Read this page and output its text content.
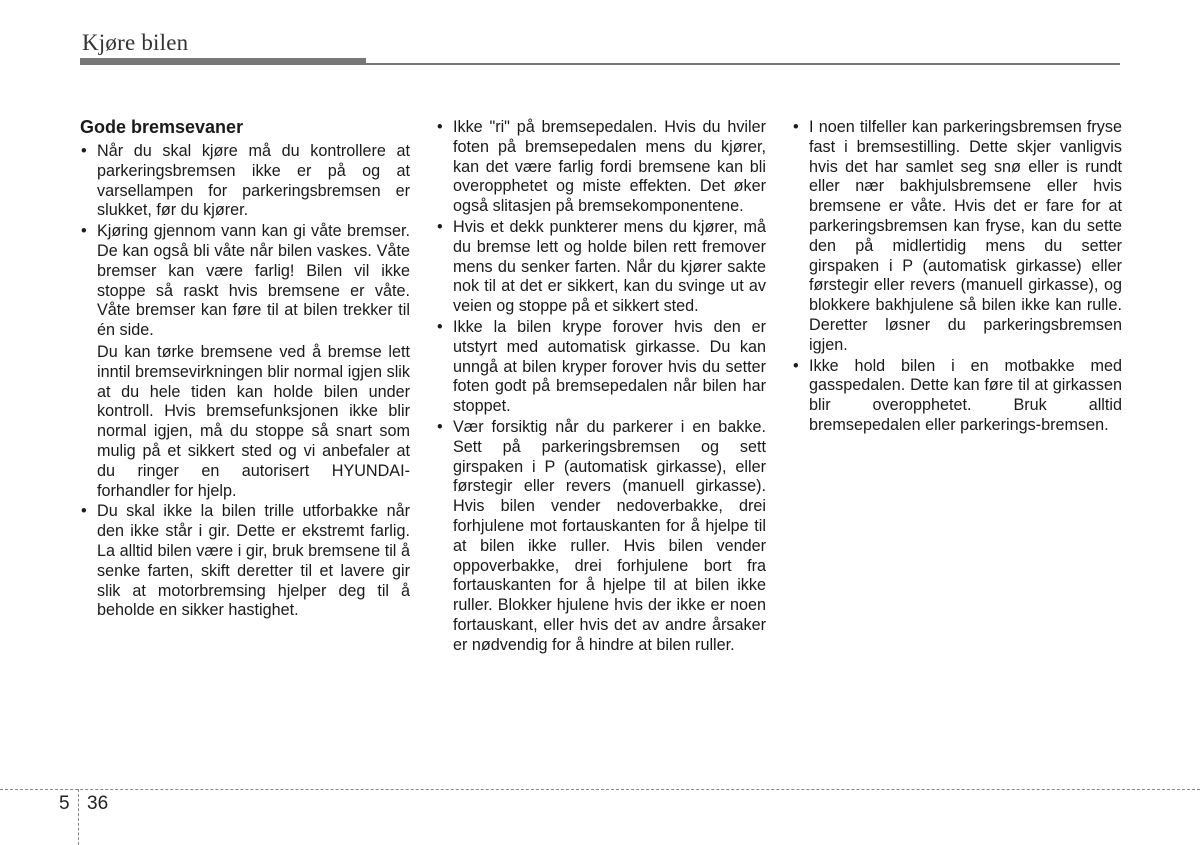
Kjøre bilen
Gode bremsevaner
• Når du skal kjøre må du kontrollere at parkeringsbremsen ikke er på og at varsellampen for parkeringsbremsen er slukket, før du kjører.
• Kjøring gjennom vann kan gi våte bremser. De kan også bli våte når bilen vaskes. Våte bremser kan være farlig! Bilen vil ikke stoppe så raskt hvis bremsene er våte. Våte bremser kan føre til at bilen trekker til én side.
Du kan tørke bremsene ved å bremse lett inntil bremsevirkningen blir normal igjen slik at du hele tiden kan holde bilen under kontroll. Hvis bremsefunksjonen ikke blir normal igjen, må du stoppe så snart som mulig på et sikkert sted og vi anbefaler at du ringer en autorisert HYUNDAI-forhandler for hjelp.
• Du skal ikke la bilen trille utforbakke når den ikke står i gir. Dette er ekstremt farlig. La alltid bilen være i gir, bruk bremsene til å senke farten, skift deretter til et lavere gir slik at motorbremsing hjelper deg til å beholde en sikker hastighet.
• Ikke "ri" på bremsepedalen. Hvis du hviler foten på bremsepedalen mens du kjører, kan det være farlig fordi bremsene kan bli overopphetet og miste effekten. Det øker også slitasjen på bremsekomponentene.
• Hvis et dekk punkterer mens du kjører, må du bremse lett og holde bilen rett fremover mens du senker farten. Når du kjører sakte nok til at det er sikkert, kan du svinge ut av veien og stoppe på et sikkert sted.
• Ikke la bilen krype forover hvis den er utstyrt med automatisk girkasse. Du kan unngå at bilen kryper forover hvis du setter foten godt på bremsepedalen når bilen har stoppet.
• Vær forsiktig når du parkerer i en bakke. Sett på parkeringsbremsen og sett girspaken i P (automatisk girkasse), eller førstegir eller revers (manuell girkasse). Hvis bilen vender nedoverbakke, drei forhjulene mot fortauskanten for å hjelpe til at bilen ikke ruller. Hvis bilen vender oppoverbakke, drei forhjulene bort fra fortauskanten for å hjelpe til at bilen ikke ruller. Blokker hjulene hvis der ikke er noen fortauskant, eller hvis det av andre årsaker er nødvendig for å hindre at bilen ruller.
• I noen tilfeller kan parkeringsbremsen fryse fast i bremsestilling. Dette skjer vanligvis hvis det har samlet seg snø eller is rundt eller nær bakhjulsbremsene eller hvis bremsene er våte. Hvis det er fare for at parkeringsbremsen kan fryse, kan du sette den på midlertidig mens du setter girspaken i P (automatisk girkasse) eller førstegir eller revers (manuell girkasse), og blokkere bakhjulene så bilen ikke kan rulle. Deretter løsner du parkeringsbremsen igjen.
• Ikke hold bilen i en motbakke med gasspedalen. Dette kan føre til at girkassen blir overopphetet. Bruk alltid bremsepedalen eller parkerings-bremsen.
5 36
